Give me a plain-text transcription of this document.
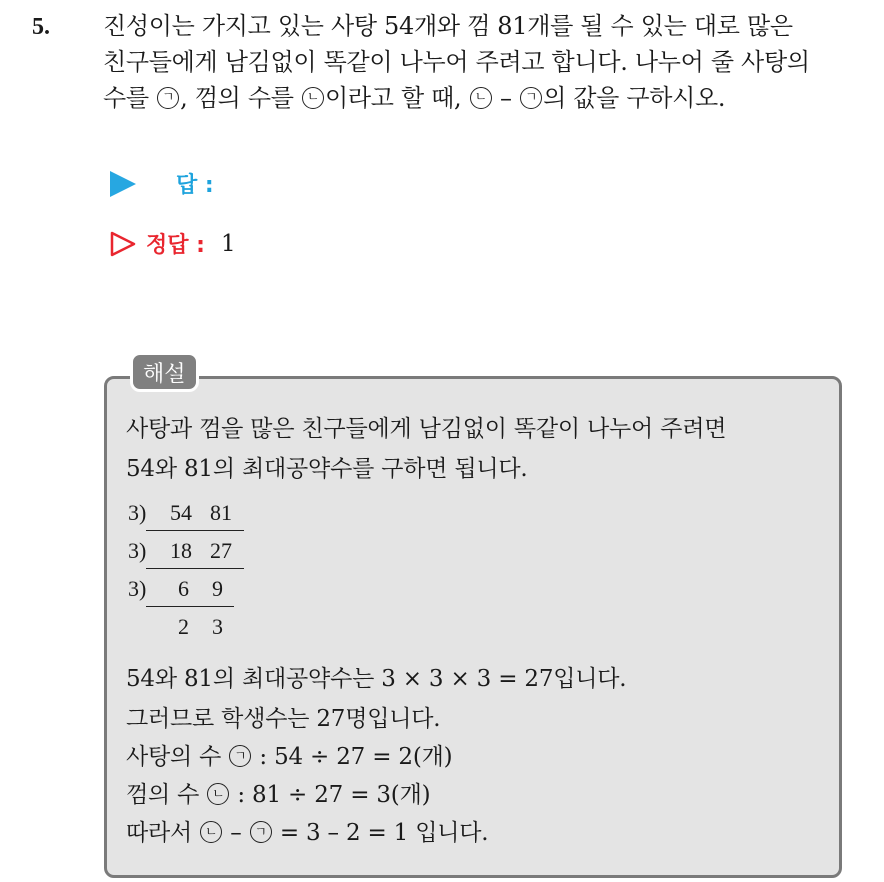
5. 진성이는 가지고 있는 사탕 54개와 껌 81개를 될 수 있는 대로 많은
친구들에게 남김없이 똑같이 나누어 주려고 합니다. 나누어 줄 사탕의
수를 ㄱ , 껌의 수를 ㄴ 이라고 할 때, ㄴ – ㄱ 의 값을 구하시오.
답 :
정답 : 1
해설
사탕과 껌을 많은 친구들에게 남김없이 똑같이 나누어 주려면
54와 81의 최대공약수를 구하면 됩니다.
3) 54 81
3) 18 27
3) 6 9
2 3
54와 81의 최대공약수는 3 × 3 × 3 = 27입니다.
그러므로 학생수는 27명입니다.
사탕의 수 ㄱ : 54 ÷ 27 = 2(개)
껌의 수 ㄴ : 81 ÷ 27 = 3(개)
따라서 ㄴ – ㄱ = 3 – 2 = 1 입니다.
